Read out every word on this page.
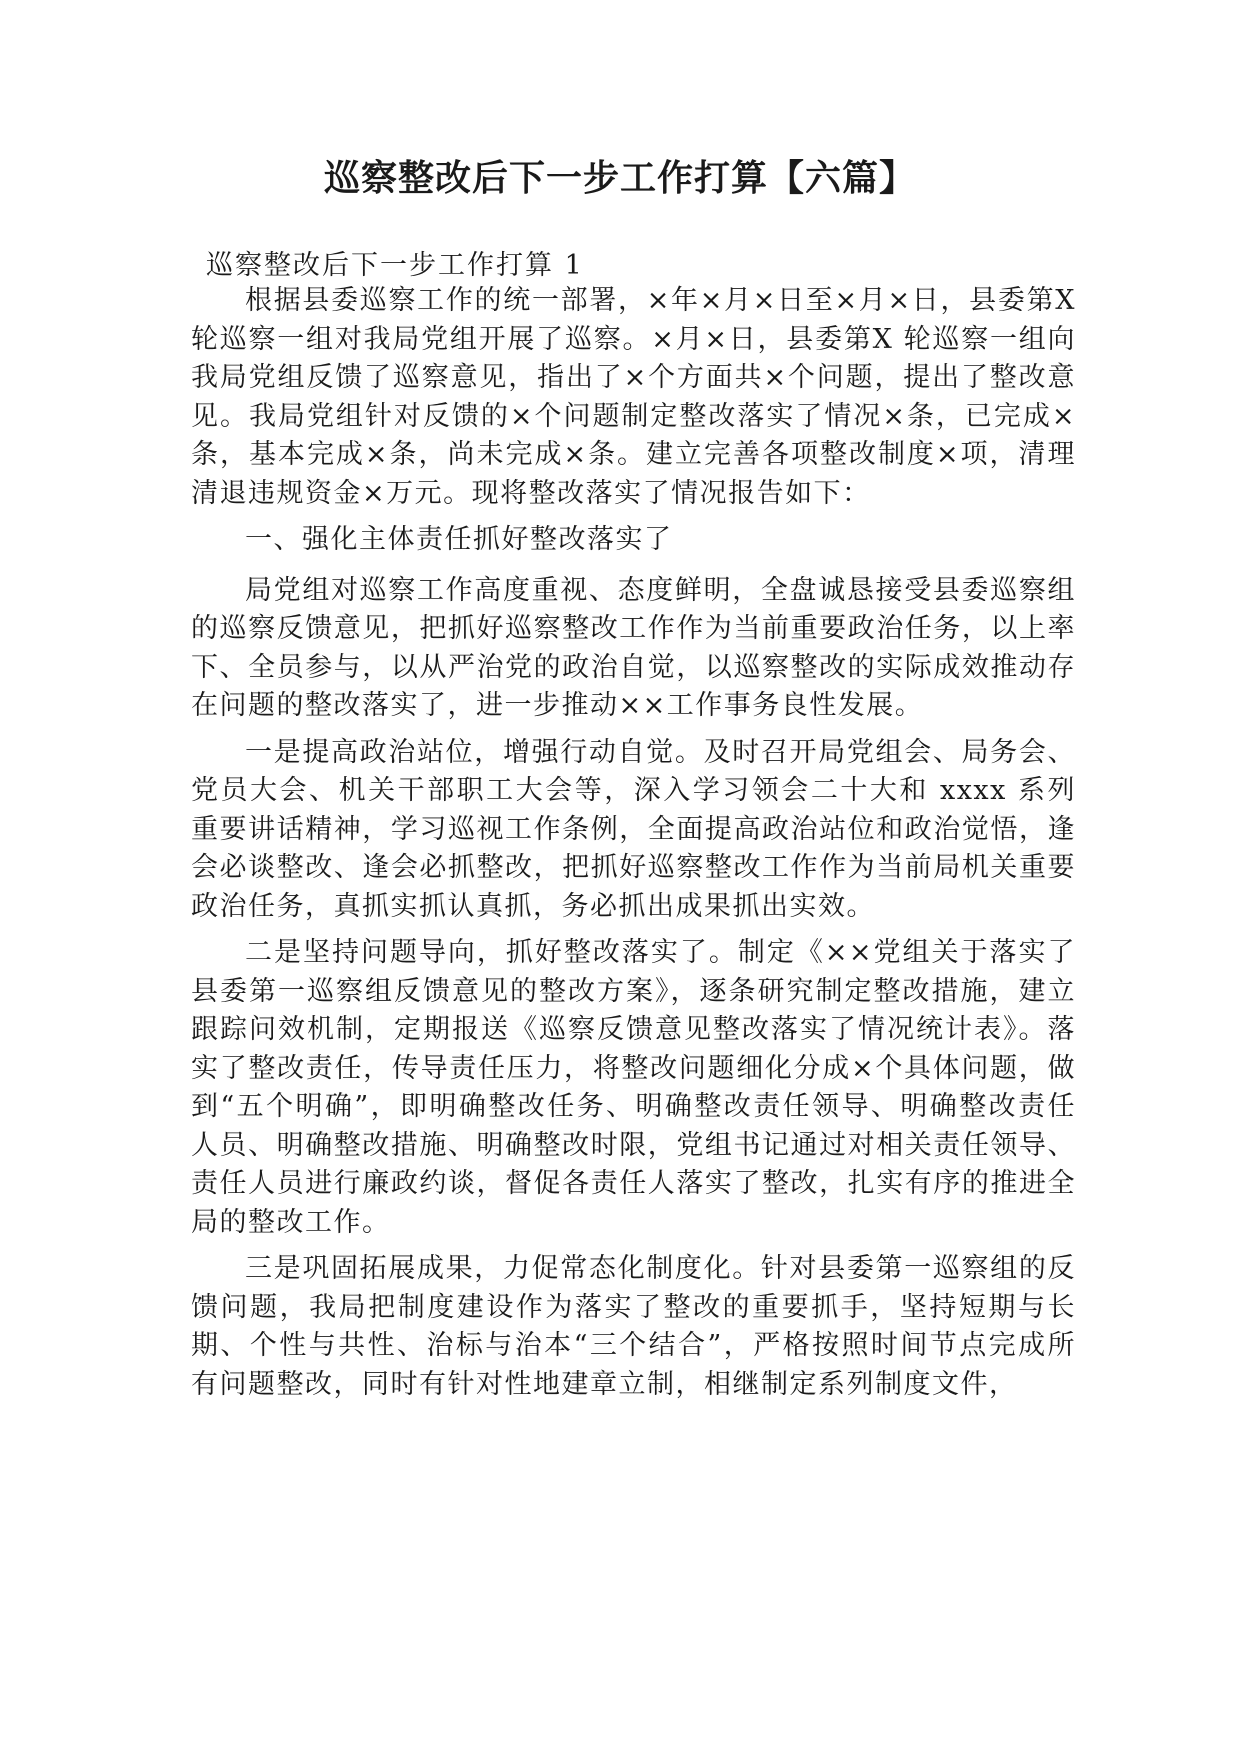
巡察整改后下一步工作打算【六篇】
巡察整改后下一步工作打算 1

根据县委巡察工作的统一部署，×年×月×日至×月×日，县委第Х 轮巡察一组对我局党组开展了巡察。×月×日，县委第Х 轮巡察一组向我局党组反馈了巡察意见，指出了×个方面共×个问题，提出了整改意见。我局党组针对反馈的×个问题制定整改落实了情况×条，已完成×条，基本完成×条，尚未完成×条。建立完善各项整改制度×项，清理清退违规资金×万元。现将整改落实了情况报告如下：

一、强化主体责任抓好整改落实了

局党组对巡察工作高度重视、态度鲜明，全盘诚恳接受县委巡察组的巡察反馈意见，把抓好巡察整改工作作为当前重要政治任务，以上率下、全员参与，以从严治党的政治自觉，以巡察整改的实际成效推动存在问题的整改落实了，进一步推动××工作事务良性发展。

一是提高政治站位，增强行动自觉。及时召开局党组会、局务会、党员大会、机关干部职工大会等，深入学习领会二十大和 xxxx 系列重要讲话精神，学习巡视工作条例，全面提高政治站位和政治觉悟，逢会必谈整改、逢会必抓整改，把抓好巡察整改工作作为当前局机关重要政治任务，真抓实抓认真抓，务必抓出成果抓出实效。

二是坚持问题导向，抓好整改落实了。制定《××党组关于落实了县委第一巡察组反馈意见的整改方案》，逐条研究制定整改措施，建立跟踪问效机制，定期报送《巡察反馈意见整改落实了情况统计表》。落实了整改责任，传导责任压力，将整改问题细化分成×个具体问题，做到“五个明确”，即明确整改任务、明确整改责任领导、明确整改责任人员、明确整改措施、明确整改时限，党组书记通过对相关责任领导、责任人员进行廉政约谈，督促各责任人落实了整改，扎实有序的推进全局的整改工作。

三是巩固拓展成果，力促常态化制度化。针对县委第一巡察组的反馈问题，我局把制度建设作为落实了整改的重要抓手，坚持短期与长期、个性与共性、治标与治本“三个结合”，严格按照时间节点完成所有问题整改，同时有针对性地建章立制，相继制定系列制度文件，
